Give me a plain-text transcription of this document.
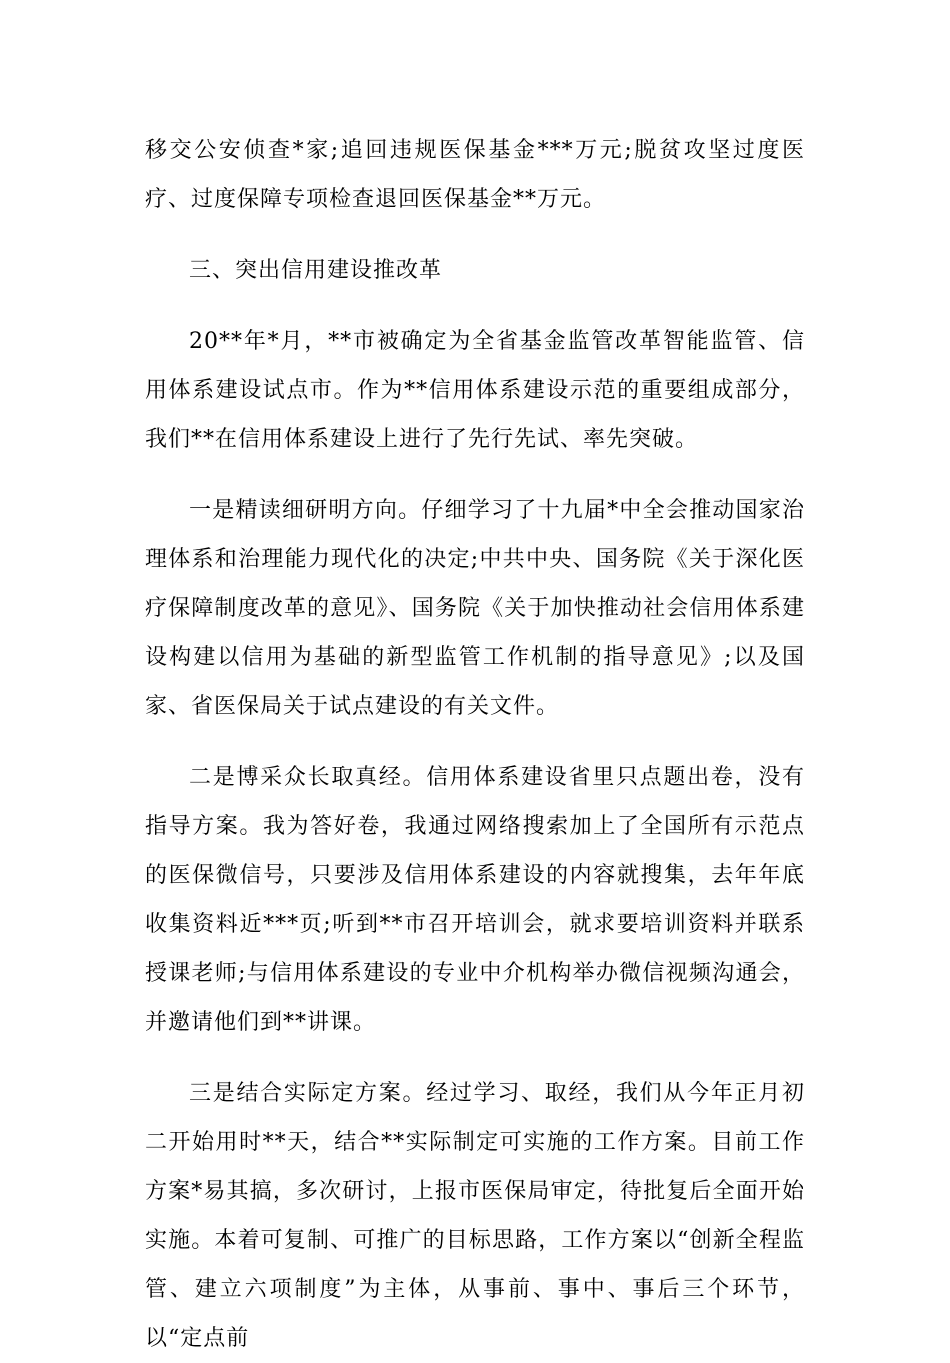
移交公安侦查*家;追回违规医保基金***万元;脱贫攻坚过度医疗、过度保障专项检查退回医保基金**万元。

三、突出信用建设推改革

20**年*月，**市被确定为全省基金监管改革智能监管、信用体系建设试点市。作为**信用体系建设示范的重要组成部分，我们**在信用体系建设上进行了先行先试、率先突破。

一是精读细研明方向。仔细学习了十九届*中全会推动国家治理体系和治理能力现代化的决定;中共中央、国务院《关于深化医疗保障制度改革的意见》、国务院《关于加快推动社会信用体系建设构建以信用为基础的新型监管工作机制的指导意见》;以及国家、省医保局关于试点建设的有关文件。

二是博采众长取真经。信用体系建设省里只点题出卷，没有指导方案。我为答好卷，我通过网络搜索加上了全国所有示范点的医保微信号，只要涉及信用体系建设的内容就搜集，去年年底收集资料近***页;听到**市召开培训会，就求要培训资料并联系授课老师;与信用体系建设的专业中介机构举办微信视频沟通会，并邀请他们到**讲课。

三是结合实际定方案。经过学习、取经，我们从今年正月初二开始用时**天，结合**实际制定可实施的工作方案。目前工作方案*易其搞，多次研讨，上报市医保局审定，待批复后全面开始实施。本着可复制、可推广的目标思路，工作方案以“创新全程监管、建立六项制度”为主体，从事前、事中、事后三个环节，以“定点前
